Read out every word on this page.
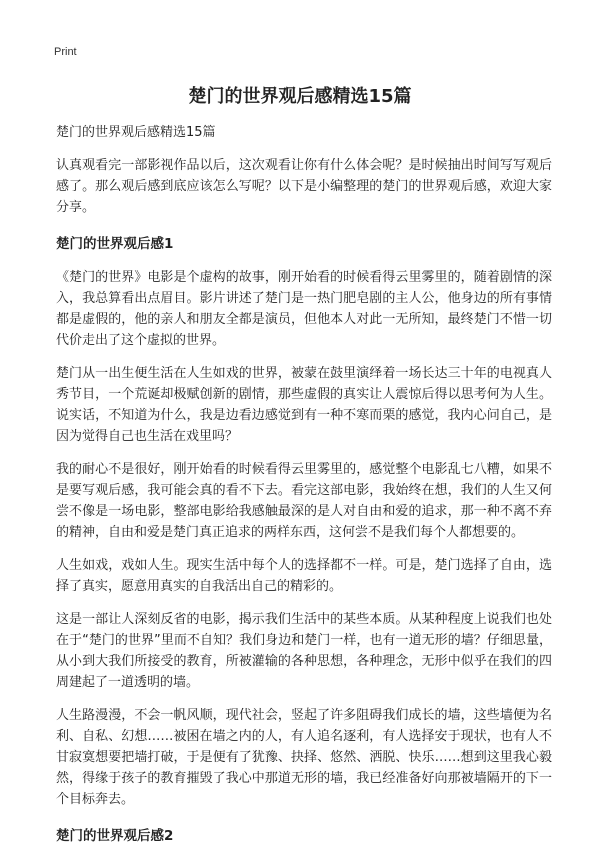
Print
楚门的世界观后感精选15篇
楚门的世界观后感精选15篇

认真观看完一部影视作品以后，这次观看让你有什么体会呢？是时候抽出时间写写观后感了。那么观后感到底应该怎么写呢？以下是小编整理的楚门的世界观后感，欢迎大家分享。

楚门的世界观后感1

《楚门的世界》电影是个虚构的故事，刚开始看的时候看得云里雾里的，随着剧情的深入，我总算看出点眉目。影片讲述了楚门是一热门肥皂剧的主人公，他身边的所有事情都是虚假的，他的亲人和朋友全都是演员，但他本人对此一无所知，最终楚门不惜一切代价走出了这个虚拟的世界。

楚门从一出生便生活在人生如戏的世界，被蒙在鼓里演绎着一场长达三十年的电视真人秀节目，一个荒诞却极赋创新的剧情，那些虚假的真实让人震惊后得以思考何为人生。说实话，不知道为什么，我是边看边感觉到有一种不寒而栗的感觉，我内心问自己，是因为觉得自己也生活在戏里吗？

我的耐心不是很好，刚开始看的时候看得云里雾里的，感觉整个电影乱七八糟，如果不是要写观后感，我可能会真的看不下去。看完这部电影，我始终在想，我们的人生又何尝不像是一场电影，整部电影给我感触最深的是人对自由和爱的追求，那一种不离不弃的精神，自由和爱是楚门真正追求的两样东西，这何尝不是我们每个人都想要的。

人生如戏，戏如人生。现实生活中每个人的选择都不一样。可是，楚门选择了自由，选择了真实，愿意用真实的自我活出自己的精彩的。

这是一部让人深刻反省的电影，揭示我们生活中的某些本质。从某种程度上说我们也处在于“楚门的世界”里而不自知？我们身边和楚门一样，也有一道无形的墙？仔细思量，从小到大我们所接受的教育，所被灌输的各种思想，各种理念，无形中似乎在我们的四周建起了一道透明的墙。

人生路漫漫，不会一帆风顺，现代社会，竖起了许多阻碍我们成长的墙，这些墙便为名利、自私、幻想……被困在墙之内的人，有人追名逐利，有人选择安于现状，也有人不甘寂寞想要把墙打破，于是便有了犹豫、抉择、悠然、洒脱、快乐……想到这里我心毅然，得缘于孩子的教育摧毁了我心中那道无形的墙，我已经准备好向那被墙隔开的下一个目标奔去。

楚门的世界观后感2
